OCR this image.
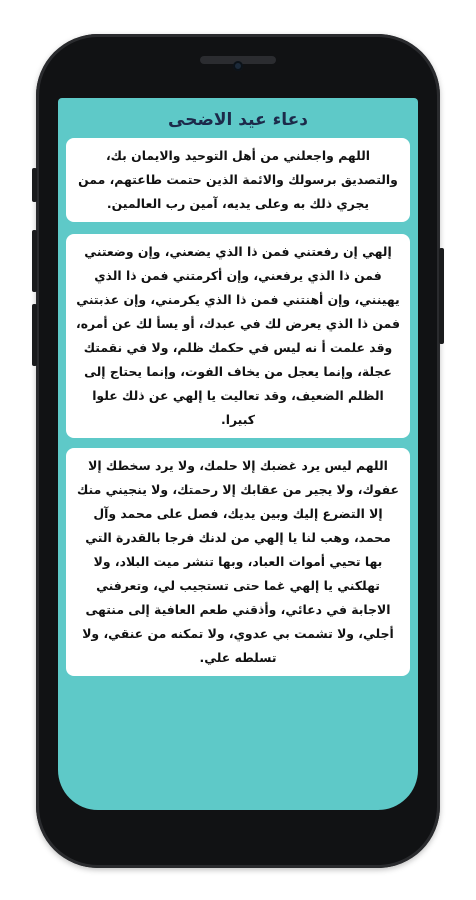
دعاء عيد الاضحى
اللهم واجعلني من أهل التوحيد والايمان بك، والتصديق برسولك والائمة الذين حتمت طاعتهم، ممن يجري ذلك به وعلى يديه، آمين رب العالمين.
إلهي إن رفعتني فمن ذا الذي يضعني، وإن وضعتني فمن ذا الذي يرفعني، وإن أكرمتني فمن ذا الذي يهينني، وإن أهنتني فمن ذا الذي يكرمني، وإن عذبتني فمن ذا الذي يعرض لك في عبدك، أو يسأ لك عن أمره، وقد علمت أ نه ليس في حكمك ظلم، ولا في نقمتك عجلة، وإنما يعجل من يخاف الفوت، وإنما يحتاج إلى الظلم الضعيف، وقد تعاليت يا إلهي عن ذلك علوا كبيرا.
اللهم ليس يرد غضبك إلا حلمك، ولا يرد سخطك إلا عفوك، ولا يجير من عقابك إلا رحمتك، ولا ينجيني منك إلا التضرع إليك وبين يديك، فصل على محمد وآل محمد، وهب لنا يا إلهي من لدنك فرجا بالقدرة التي بها تحيي أموات العباد، وبها تنشر ميت البلاد، ولا تهلكني يا إلهي غما حتى تستجيب لي، وتعرفني الاجابة في دعائي، وأذقني طعم العافية إلى منتهى أجلي، ولا تشمت بي عدوي، ولا تمكنه من عنقي، ولا تسلطه علي.
